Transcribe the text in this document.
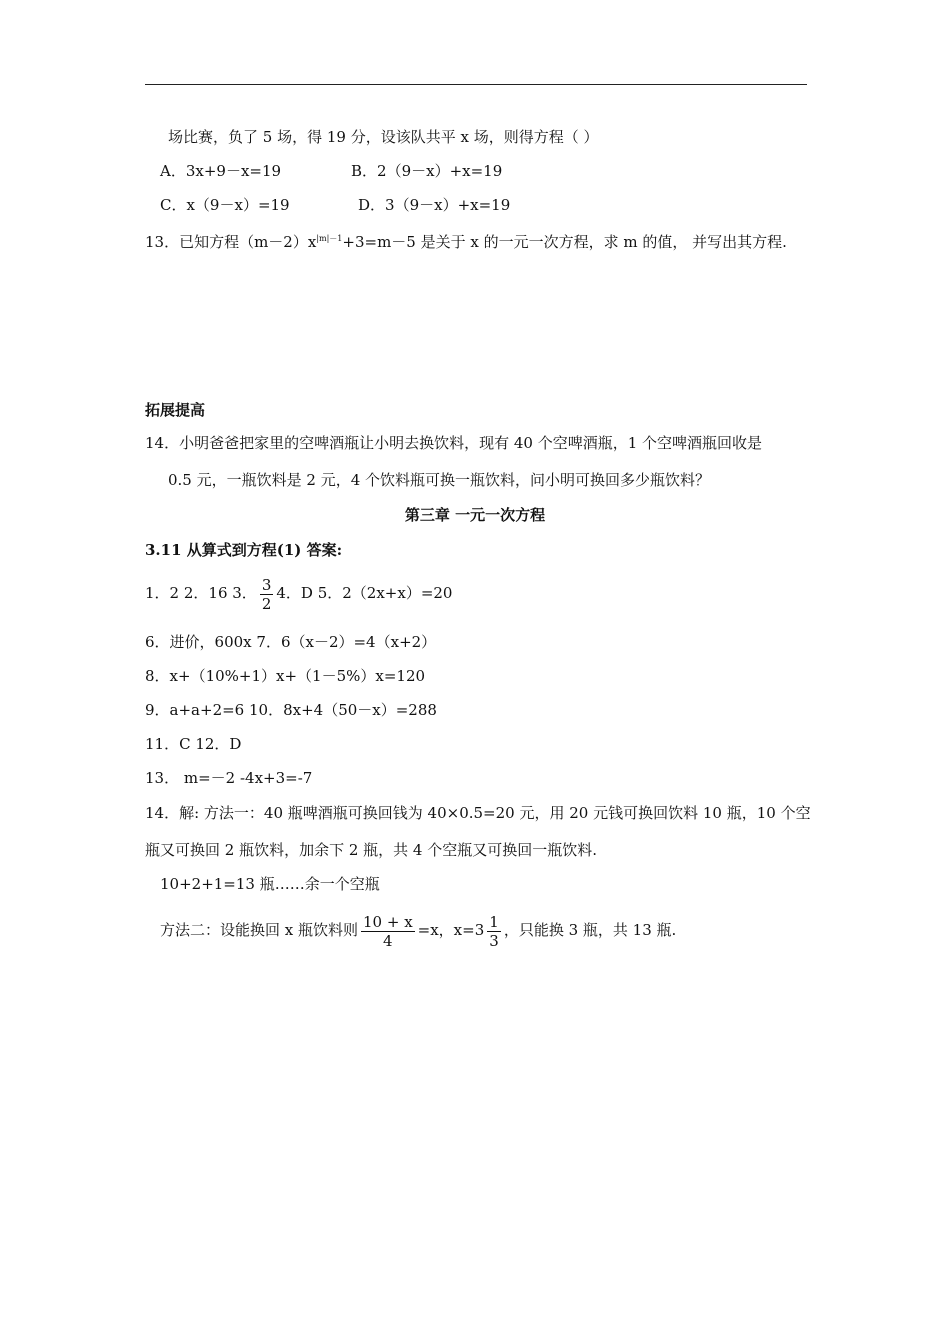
场比赛，负了 5 场，得 19 分，设该队共平 x 场，则得方程（ ）
A．3x+9－x=19	B．2（9－x）+x=19
C．x（9－x）=19	D．3（9－x）+x=19
13．已知方程$(m-2)x^{|m|-1}+3=m-5$ 是关于 x 的一元一次方程，求 m 的值， 并写出其方程.
拓展提高
14．小明爸爸把家里的空啤酒瓶让小明去换饮料，现有 40 个空啤酒瓶，1 个空啤酒瓶回收是
0.5 元，一瓶饮料是 2 元，4 个饮料瓶可换一瓶饮料，问小明可换回多少瓶饮料？
第三章 一元一次方程
3.11 从算式到方程(1) 答案:
1．2 2．16 3． $\frac{3}{2} 4$．D 5．2（2x+x）=20
6．进价，600x 7．6（x－2）=4（x+2）
8．x+（10%+1）x+（1－5%）x=120
9．a+a+2=6 10．8x+4（50－x）=288
11．C 12．D
13． m=－2 -4x+3=-7
14．解: 方法一：40 瓶啤酒瓶可换回钱为 40×0.5=20 元，用 20 元钱可换回饮料 10 瓶，10 个空
瓶又可换回 2 瓶饮料，加余下 2 瓶，共 4 个空瓶又可换回一瓶饮料.
10+2+1=13 瓶……余一个空瓶
方法二：设能换回 x 瓶饮料则 $\frac{10 + x}{4} =x$，$x=3 \frac{1}{3}$ ，只能换 3 瓶，共 13 瓶.
